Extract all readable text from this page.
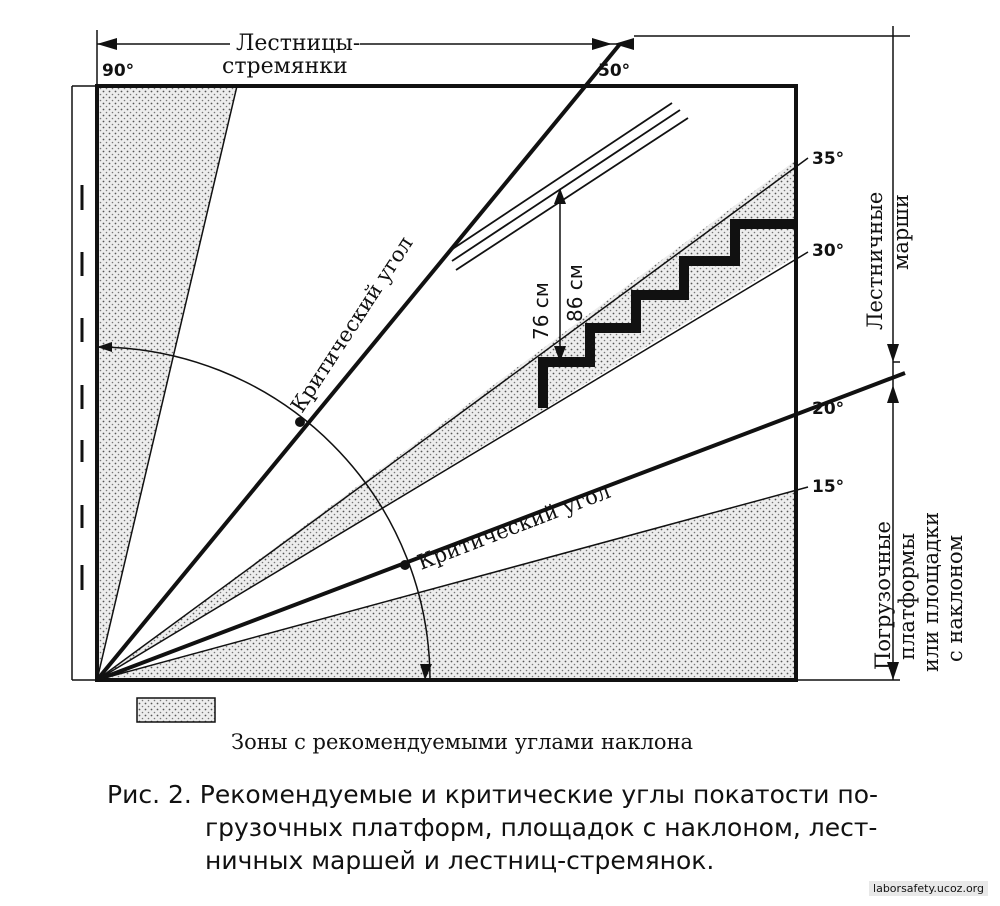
90°	50°
35°
30°
20°
15°
Лестницы-
стремянки
Критический угол
Критический угол
76 см 86 см	Лестничные марши
Погрузочные платформы или площадки с наклоном
Зоны с рекомендуемыми углами наклона
Рис. 2. Рекомендуемые и критические углы покатости по-
грузочных платформ, площадок с наклоном, лест-
ничных маршей и лестниц-стремянок.
laborsafety.ucoz.org
